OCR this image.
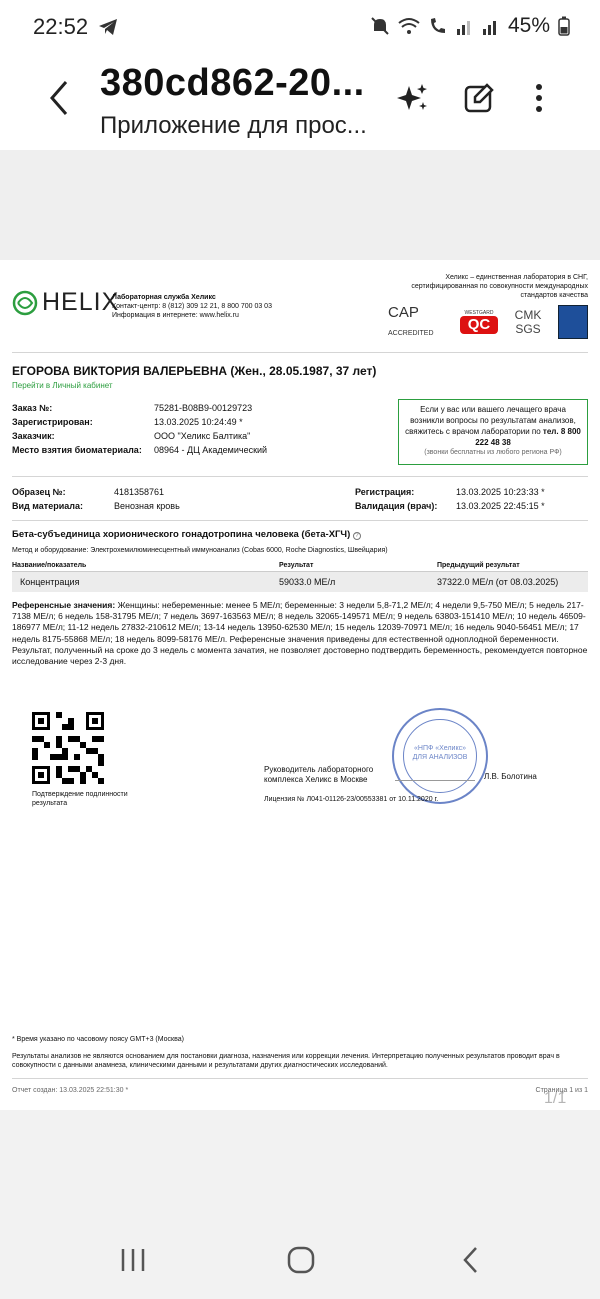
22:52	45%
380cd862-20...
Приложение для прос...
HELIX
Лабораторная служба Хеликс
Контакт-центр: 8 (812) 309 12 21, 8 800 700 03 03
Информация в интернете: www.helix.ru
Хеликс – единственная лаборатория в СНГ, сертифицированная по совокупности международных стандартов качества
CAP
ACCREDITED
WESTGARD
QC
CMK
SGS
ЕГОРОВА ВИКТОРИЯ ВАЛЕРЬЕВНА (Жен., 28.05.1987, 37 лет)
Перейти в Личный кабинет
Заказ №:	75281-B08B9-00129723
Зарегистрирован:	13.03.2025 10:24:49 *
Заказчик:	ООО "Хеликс Балтика"
Место взятия биоматериала:	08964 - ДЦ Академический
Если у вас или вашего лечащего врача возникли вопросы по результатам анализов, свяжитесь с врачом лаборатории по тел. 8 800 222 48 38
(звонки бесплатны из любого региона РФ)
Образец №:	4181358761
Вид материала:	Венозная кровь
Регистрация:	13.03.2025 10:23:33 *
Валидация (врач):	13.03.2025 22:45:15 *
Бета-субъединица хорионического гонадотропина человека (бета-ХГЧ) ?
Метод и оборудование: Электрохемилюминесцентный иммуноанализ (Cobas 6000, Roche Diagnostics, Швейцария)
Название/показатель	Результат	Предыдущий результат
Концентрация	59033.0 МЕ/л	37322.0 МЕ/л (от 08.03.2025)
Референсные значения: Женщины: небеременные: менее 5 МЕ/л; беременные: 3 недели 5,8-71,2 МЕ/л; 4 недели 9,5-750 МЕ/л; 5 недель 217-7138 МЕ/л; 6 недель 158-31795 МЕ/л; 7 недель 3697-163563 МЕ/л; 8 недель 32065-149571 МЕ/л; 9 недель 63803-151410 МЕ/л; 10 недель 46509-186977 МЕ/л; 11-12 недель 27832-210612 МЕ/л; 13-14 недель 13950-62530 МЕ/л; 15 недель 12039-70971 МЕ/л; 16 недель 9040-56451 МЕ/л; 17 недель 8175-55868 МЕ/л; 18 недель 8099-58176 МЕ/л. Референсные значения приведены для естественной одноплодной беременности. Результат, полученный на сроке до 3 недель с момента зачатия, не позволяет достоверно подтвердить беременность, рекомендуется повторное исследование через 2-3 дня.
Подтверждение подлинности результата
«НПФ «Хеликс» ДЛЯ АНАЛИЗОВ
Руководитель лабораторного комплекса Хеликс в Москве	Л.В. Болотина
Лицензия № Л041-01126-23/00553381 от 10.11.2020 г.
* Время указано по часовому поясу GMT+3 (Москва)
Результаты анализов не являются основанием для постановки диагноза, назначения или коррекции лечения. Интерпретацию полученных результатов проводит врач в совокупности с данными анамнеза, клиническими данными и результатами других диагностических исследований.
Отчет создан: 13.03.2025 22:51:30 *	Страница 1 из 1
1/1
